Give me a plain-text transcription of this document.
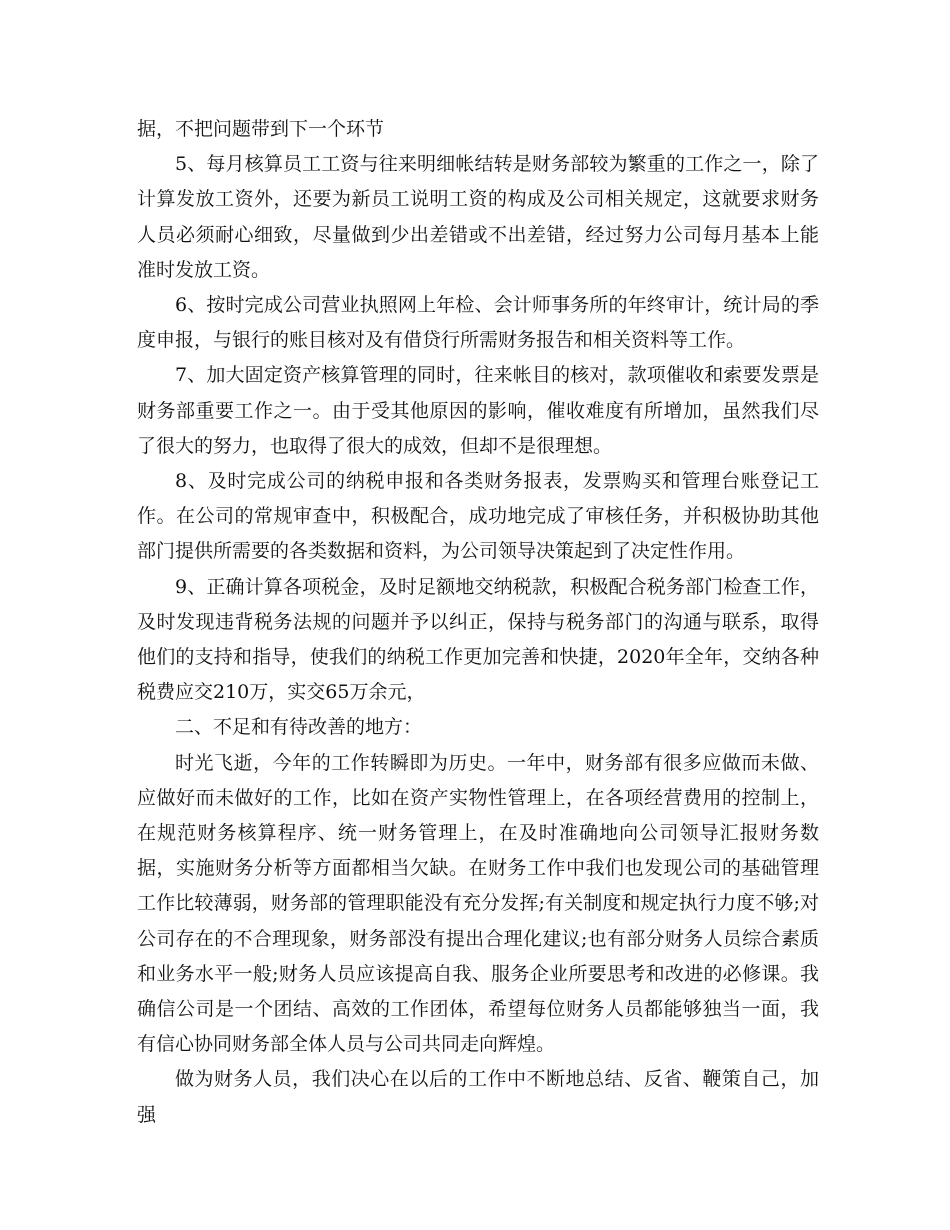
据，不把问题带到下一个环节

5、每月核算员工工资与往来明细帐结转是财务部较为繁重的工作之一，除了计算发放工资外，还要为新员工说明工资的构成及公司相关规定，这就要求财务人员必须耐心细致，尽量做到少出差错或不出差错，经过努力公司每月基本上能准时发放工资。

6、按时完成公司营业执照网上年检、会计师事务所的年终审计，统计局的季度申报，与银行的账目核对及有借贷行所需财务报告和相关资料等工作。

7、加大固定资产核算管理的同时，往来帐目的核对，款项催收和索要发票是财务部重要工作之一。由于受其他原因的影响，催收难度有所增加，虽然我们尽了很大的努力，也取得了很大的成效，但却不是很理想。

8、及时完成公司的纳税申报和各类财务报表，发票购买和管理台账登记工作。在公司的常规审查中，积极配合，成功地完成了审核任务，并积极协助其他部门提供所需要的各类数据和资料，为公司领导决策起到了决定性作用。

9、正确计算各项税金，及时足额地交纳税款，积极配合税务部门检查工作，及时发现违背税务法规的问题并予以纠正，保持与税务部门的沟通与联系，取得他们的支持和指导，使我们的纳税工作更加完善和快捷，2020年全年，交纳各种税费应交210万，实交65万余元，

二、不足和有待改善的地方：

时光飞逝，今年的工作转瞬即为历史。一年中，财务部有很多应做而未做、应做好而未做好的工作，比如在资产实物性管理上，在各项经营费用的控制上，在规范财务核算程序、统一财务管理上，在及时准确地向公司领导汇报财务数据，实施财务分析等方面都相当欠缺。在财务工作中我们也发现公司的基础管理工作比较薄弱，财务部的管理职能没有充分发挥;有关制度和规定执行力度不够;对公司存在的不合理现象，财务部没有提出合理化建议;也有部分财务人员综合素质和业务水平一般;财务人员应该提高自我、服务企业所要思考和改进的必修课。我确信公司是一个团结、高效的工作团体，希望每位财务人员都能够独当一面，我有信心协同财务部全体人员与公司共同走向辉煌。

做为财务人员，我们决心在以后的工作中不断地总结、反省、鞭策自己，加强
